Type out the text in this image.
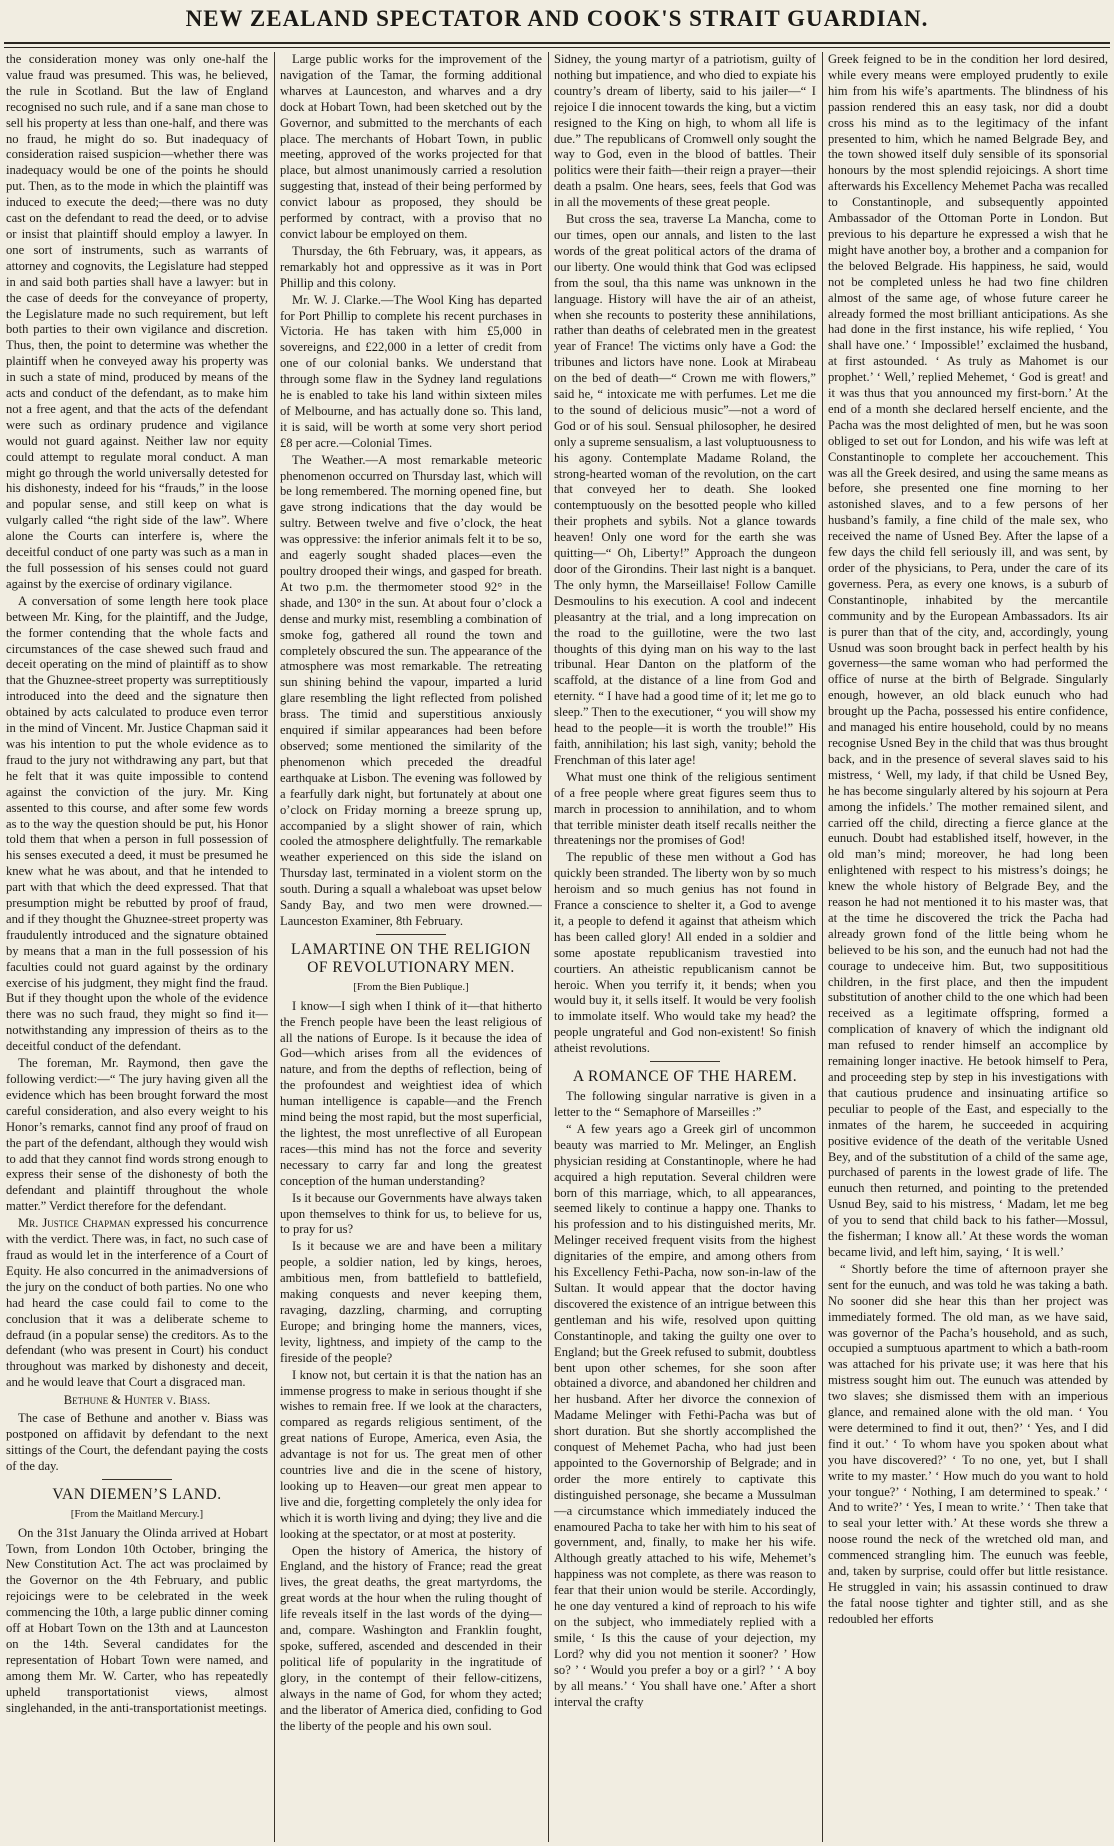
NEW ZEALAND SPECTATOR AND COOK'S STRAIT GUARDIAN.

the consideration money was only one-half the value fraud was presumed. This was, he believed, the rule in Scotland. But the law of England recognised no such rule, and if a sane man chose to sell his property at less than one-half, and there was no fraud, he might do so. But inadequacy of consideration raised suspicion—whether there was inadequacy would be one of the points he should put. Then, as to the mode in which the plaintiff was induced to execute the deed;—there was no duty cast on the defendant to read the deed, or to advise or insist that plaintiff should employ a lawyer. In one sort of instruments, such as warrants of attorney and cognovits, the Legislature had stepped in and said both parties shall have a lawyer: but in the case of deeds for the conveyance of property, the Legislature made no such requirement, but left both parties to their own vigilance and discretion. Thus, then, the point to determine was whether the plaintiff when he conveyed away his property was in such a state of mind, produced by means of the acts and conduct of the defendant, as to make him not a free agent, and that the acts of the defendant were such as ordinary prudence and vigilance would not guard against. Neither law nor equity could attempt to regulate moral conduct. A man might go through the world universally detested for his dishonesty, indeed for his “frauds,” in the loose and popular sense, and still keep on what is vulgarly called “the right side of the law”. Where alone the Courts can interfere is, where the deceitful conduct of one party was such as a man in the full possession of his senses could not guard against by the exercise of ordinary vigilance.

A conversation of some length here took place between Mr. King, for the plaintiff, and the Judge, the former contending that the whole facts and circumstances of the case shewed such fraud and deceit operating on the mind of plaintiff as to show that the Ghuznee-street property was surreptitiously introduced into the deed and the signature then obtained by acts calculated to produce even terror in the mind of Vincent. Mr. Justice Chapman said it was his intention to put the whole evidence as to fraud to the jury not withdrawing any part, but that he felt that it was quite impossible to contend against the conviction of the jury. Mr. King assented to this course, and after some few words as to the way the question should be put, his Honor told them that when a person in full possession of his senses executed a deed, it must be presumed he knew what he was about, and that he intended to part with that which the deed expressed. That that presumption might be rebutted by proof of fraud, and if they thought the Ghuznee-street property was fraudulently introduced and the signature obtained by means that a man in the full possession of his faculties could not guard against by the ordinary exercise of his judgment, they might find the fraud. But if they thought upon the whole of the evidence there was no such fraud, they might so find it—notwithstanding any impression of theirs as to the deceitful conduct of the defendant.

The foreman, Mr. Raymond, then gave the following verdict:—“ The jury having given all the evidence which has been brought forward the most careful consideration, and also every weight to his Honor’s remarks, cannot find any proof of fraud on the part of the defendant, although they would wish to add that they cannot find words strong enough to express their sense of the dishonesty of both the defendant and plaintiff throughout the whole matter.” Verdict therefore for the defendant.

Mr. Justice Chapman expressed his concurrence with the verdict. There was, in fact, no such case of fraud as would let in the interference of a Court of Equity. He also concurred in the animadversions of the jury on the conduct of both parties. No one who had heard the case could fail to come to the conclusion that it was a deliberate scheme to defraud (in a popular sense) the creditors. As to the defendant (who was present in Court) his conduct throughout was marked by dishonesty and deceit, and he would leave that Court a disgraced man.

Bethune & Hunter v. Biass.

The case of Bethune and another v. Biass was postponed on affidavit by defendant to the next sittings of the Court, the defendant paying the costs of the day.

VAN DIEMEN’S LAND.
[From the Maitland Mercury.]

On the 31st January the Olinda arrived at Hobart Town, from London 10th October, bringing the New Constitution Act. The act was proclaimed by the Governor on the 4th February, and public rejoicings were to be celebrated in the week commencing the 10th, a large public dinner coming off at Hobart Town on the 13th and at Launceston on the 14th. Several candidates for the representation of Hobart Town were named, and among them Mr. W. Carter, who has repeatedly upheld transportationist views, almost singlehanded, in the anti-transportationist meetings.

Large public works for the improvement of the navigation of the Tamar, the forming additional wharves at Launceston, and wharves and a dry dock at Hobart Town, had been sketched out by the Governor, and submitted to the merchants of each place. The merchants of Hobart Town, in public meeting, approved of the works projected for that place, but almost unanimously carried a resolution suggesting that, instead of their being performed by convict labour as proposed, they should be performed by contract, with a proviso that no convict labour be employed on them.

Thursday, the 6th February, was, it appears, as remarkably hot and oppressive as it was in Port Phillip and this colony.

Mr. W. J. Clarke.—The Wool King has departed for Port Phillip to complete his recent purchases in Victoria. He has taken with him £5,000 in sovereigns, and £22,000 in a letter of credit from one of our colonial banks. We understand that through some flaw in the Sydney land regulations he is enabled to take his land within sixteen miles of Melbourne, and has actually done so. This land, it is said, will be worth at some very short period £8 per acre.—Colonial Times.

The Weather.—A most remarkable meteoric phenomenon occurred on Thursday last, which will be long remembered. The morning opened fine, but gave strong indications that the day would be sultry. Between twelve and five o’clock, the heat was oppressive: the inferior animals felt it to be so, and eagerly sought shaded places—even the poultry drooped their wings, and gasped for breath. At two p.m. the thermometer stood 92° in the shade, and 130° in the sun. At about four o’clock a dense and murky mist, resembling a combination of smoke fog, gathered all round the town and completely obscured the sun. The appearance of the atmosphere was most remarkable. The retreating sun shining behind the vapour, imparted a lurid glare resembling the light reflected from polished brass. The timid and superstitious anxiously enquired if similar appearances had been before observed; some mentioned the similarity of the phenomenon which preceded the dreadful earthquake at Lisbon. The evening was followed by a fearfully dark night, but fortunately at about one o’clock on Friday morning a breeze sprung up, accompanied by a slight shower of rain, which cooled the atmosphere delightfully. The remarkable weather experienced on this side the island on Thursday last, terminated in a violent storm on the south. During a squall a whaleboat was upset below Sandy Bay, and two men were drowned.—Launceston Examiner, 8th February.

LAMARTINE ON THE RELIGION OF REVOLUTIONARY MEN.
[From the Bien Publique.]

I know—I sigh when I think of it—that hitherto the French people have been the least religious of all the nations of Europe. Is it because the idea of God—which arises from all the evidences of nature, and from the depths of reflection, being of the profoundest and weightiest idea of which human intelligence is capable—and the French mind being the most rapid, but the most superficial, the lightest, the most unreflective of all European races—this mind has not the force and severity necessary to carry far and long the greatest conception of the human understanding?

Is it because our Governments have always taken upon themselves to think for us, to believe for us, to pray for us?

Is it because we are and have been a military people, a soldier nation, led by kings, heroes, ambitious men, from battlefield to battlefield, making conquests and never keeping them, ravaging, dazzling, charming, and corrupting Europe; and bringing home the manners, vices, levity, lightness, and impiety of the camp to the fireside of the people?

I know not, but certain it is that the nation has an immense progress to make in serious thought if she wishes to remain free. If we look at the characters, compared as regards religious sentiment, of the great nations of Europe, America, even Asia, the advantage is not for us. The great men of other countries live and die in the scene of history, looking up to Heaven—our great men appear to live and die, forgetting completely the only idea for which it is worth living and dying; they live and die looking at the spectator, or at most at posterity.

Open the history of America, the history of England, and the history of France; read the great lives, the great deaths, the great martyrdoms, the great words at the hour when the ruling thought of life reveals itself in the last words of the dying—and, compare. Washington and Franklin fought, spoke, suffered, ascended and descended in their political life of popularity in the ingratitude of glory, in the contempt of their fellow-citizens, always in the name of God, for whom they acted; and the liberator of America died, confiding to God the liberty of the people and his own soul.

Sidney, the young martyr of a patriotism, guilty of nothing but impatience, and who died to expiate his country’s dream of liberty, said to his jailer—“ I rejoice I die innocent towards the king, but a victim resigned to the King on high, to whom all life is due.” The republicans of Cromwell only sought the way to God, even in the blood of battles. Their politics were their faith—their reign a prayer—their death a psalm. One hears, sees, feels that God was in all the movements of these great people.

But cross the sea, traverse La Mancha, come to our times, open our annals, and listen to the last words of the great political actors of the drama of our liberty. One would think that God was eclipsed from the soul, tha this name was unknown in the language. History will have the air of an atheist, when she recounts to posterity these annihilations, rather than deaths of celebrated men in the greatest year of France! The victims only have a God: the tribunes and lictors have none. Look at Mirabeau on the bed of death—“ Crown me with flowers,” said he, “ intoxicate me with perfumes. Let me die to the sound of delicious music”—not a word of God or of his soul. Sensual philosopher, he desired only a supreme sensualism, a last voluptuousness to his agony. Contemplate Madame Roland, the strong-hearted woman of the revolution, on the cart that conveyed her to death. She looked contemptuously on the besotted people who killed their prophets and sybils. Not a glance towards heaven! Only one word for the earth she was quitting—“ Oh, Liberty!” Approach the dungeon door of the Girondins. Their last night is a banquet. The only hymn, the Marseillaise! Follow Camille Desmoulins to his execution. A cool and indecent pleasantry at the trial, and a long imprecation on the road to the guillotine, were the two last thoughts of this dying man on his way to the last tribunal. Hear Danton on the platform of the scaffold, at the distance of a line from God and eternity. “ I have had a good time of it; let me go to sleep.” Then to the executioner, “ you will show my head to the people—it is worth the trouble!” His faith, annihilation; his last sigh, vanity; behold the Frenchman of this later age!

What must one think of the religious sentiment of a free people where great figures seem thus to march in procession to annihilation, and to whom that terrible minister death itself recalls neither the threatenings nor the promises of God!

The republic of these men without a God has quickly been stranded. The liberty won by so much heroism and so much genius has not found in France a conscience to shelter it, a God to avenge it, a people to defend it against that atheism which has been called glory! All ended in a soldier and some apostate republicanism travestied into courtiers. An atheistic republicanism cannot be heroic. When you terrify it, it bends; when you would buy it, it sells itself. It would be very foolish to immolate itself. Who would take my head? the people ungrateful and God non-existent! So finish atheist revolutions.

A ROMANCE OF THE HAREM.

The following singular narrative is given in a letter to the “ Semaphore of Marseilles :”

“ A few years ago a Greek girl of uncommon beauty was married to Mr. Melinger, an English physician residing at Constantinople, where he had acquired a high reputation. Several children were born of this marriage, which, to all appearances, seemed likely to continue a happy one. Thanks to his profession and to his distinguished merits, Mr. Melinger received frequent visits from the highest dignitaries of the empire, and among others from his Excellency Fethi-Pacha, now son-in-law of the Sultan. It would appear that the doctor having discovered the existence of an intrigue between this gentleman and his wife, resolved upon quitting Constantinople, and taking the guilty one over to England; but the Greek refused to submit, doubtless bent upon other schemes, for she soon after obtained a divorce, and abandoned her children and her husband. After her divorce the connexion of Madame Melinger with Fethi-Pacha was but of short duration. But she shortly accomplished the conquest of Mehemet Pacha, who had just been appointed to the Governorship of Belgrade; and in order the more entirely to captivate this distinguished personage, she became a Mussulman—a circumstance which immediately induced the enamoured Pacha to take her with him to his seat of government, and, finally, to make her his wife. Although greatly attached to his wife, Mehemet’s happiness was not complete, as there was reason to fear that their union would be sterile. Accordingly, he one day ventured a kind of reproach to his wife on the subject, who immediately replied with a smile, ‘ Is this the cause of your dejection, my Lord? why did you not mention it sooner? ’ How so? ’ ‘ Would you prefer a boy or a girl? ’ ‘ A boy by all means.’ ‘ You shall have one.’ After a short interval the crafty

Greek feigned to be in the condition her lord desired, while every means were employed prudently to exile him from his wife’s apartments. The blindness of his passion rendered this an easy task, nor did a doubt cross his mind as to the legitimacy of the infant presented to him, which he named Belgrade Bey, and the town showed itself duly sensible of its sponsorial honours by the most splendid rejoicings. A short time afterwards his Excellency Mehemet Pacha was recalled to Constantinople, and subsequently appointed Ambassador of the Ottoman Porte in London. But previous to his departure he expressed a wish that he might have another boy, a brother and a companion for the beloved Belgrade. His happiness, he said, would not be completed unless he had two fine children almost of the same age, of whose future career he already formed the most brilliant anticipations. As she had done in the first instance, his wife replied, ‘ You shall have one.’ ‘ Impossible!’ exclaimed the husband, at first astounded. ‘ As truly as Mahomet is our prophet.’ ‘ Well,’ replied Mehemet, ‘ God is great! and it was thus that you announced my first-born.’ At the end of a month she declared herself enciente, and the Pacha was the most delighted of men, but he was soon obliged to set out for London, and his wife was left at Constantinople to complete her accouchement. This was all the Greek desired, and using the same means as before, she presented one fine morning to her astonished slaves, and to a few persons of her husband’s family, a fine child of the male sex, who received the name of Usned Bey. After the lapse of a few days the child fell seriously ill, and was sent, by order of the physicians, to Pera, under the care of its governess. Pera, as every one knows, is a suburb of Constantinople, inhabited by the mercantile community and by the European Ambassadors. Its air is purer than that of the city, and, accordingly, young Usnud was soon brought back in perfect health by his governess—the same woman who had performed the office of nurse at the birth of Belgrade. Singularly enough, however, an old black eunuch who had brought up the Pacha, possessed his entire confidence, and managed his entire household, could by no means recognise Usned Bey in the child that was thus brought back, and in the presence of several slaves said to his mistress, ‘ Well, my lady, if that child be Usned Bey, he has become singularly altered by his sojourn at Pera among the infidels.’ The mother remained silent, and carried off the child, directing a fierce glance at the eunuch. Doubt had established itself, however, in the old man’s mind; moreover, he had long been enlightened with respect to his mistress’s doings; he knew the whole history of Belgrade Bey, and the reason he had not mentioned it to his master was, that at the time he discovered the trick the Pacha had already grown fond of the little being whom he believed to be his son, and the eunuch had not had the courage to undeceive him. But, two supposititious children, in the first place, and then the impudent substitution of another child to the one which had been received as a legitimate offspring, formed a complication of knavery of which the indignant old man refused to render himself an accomplice by remaining longer inactive. He betook himself to Pera, and proceeding step by step in his investigations with that cautious prudence and insinuating artifice so peculiar to people of the East, and especially to the inmates of the harem, he succeeded in acquiring positive evidence of the death of the veritable Usned Bey, and of the substitution of a child of the same age, purchased of parents in the lowest grade of life. The eunuch then returned, and pointing to the pretended Usnud Bey, said to his mistress, ‘ Madam, let me beg of you to send that child back to his father—Mossul, the fisherman; I know all.’ At these words the woman became livid, and left him, saying, ‘ It is well.’

“ Shortly before the time of afternoon prayer she sent for the eunuch, and was told he was taking a bath. No sooner did she hear this than her project was immediately formed. The old man, as we have said, was governor of the Pacha’s household, and as such, occupied a sumptuous apartment to which a bath-room was attached for his private use; it was here that his mistress sought him out. The eunuch was attended by two slaves; she dismissed them with an imperious glance, and remained alone with the old man. ‘ You were determined to find it out, then?’ ‘ Yes, and I did find it out.’ ‘ To whom have you spoken about what you have discovered?’ ‘ To no one, yet, but I shall write to my master.’ ‘ How much do you want to hold your tongue?’ ‘ Nothing, I am determined to speak.’ ‘ And to write?’ ‘ Yes, I mean to write.’ ‘ Then take that to seal your letter with.’ At these words she threw a noose round the neck of the wretched old man, and commenced strangling him. The eunuch was feeble, and, taken by surprise, could offer but little resistance. He struggled in vain; his assassin continued to draw the fatal noose tighter and tighter still, and as she redoubled her efforts
